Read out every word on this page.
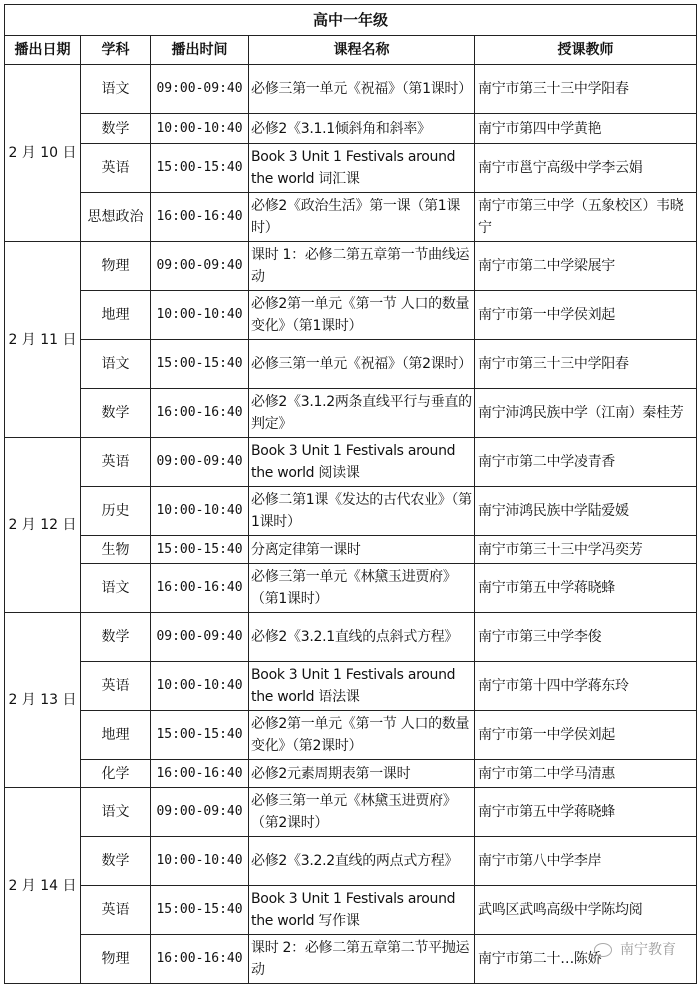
高中一年级				
播出日期	学科	播出时间	课程名称	授课教师
2 月 10 日	语文	09:00-09:40	必修三第一单元《祝福》（第1课时）	南宁市第三十三中学阳春
	数学	10:00-10:40	必修2《3.1.1倾斜角和斜率》	南宁市第四中学黄艳
	英语	15:00-15:40	Book 3 Unit 1 Festivals around the world 词汇课	南宁市邕宁高级中学李云娟
	思想政治	16:00-16:40	必修2《政治生活》第一课（第1课时）	南宁市第三中学（五象校区）韦晓宁
2 月 11 日	物理	09:00-09:40	课时 1：必修二第五章第一节曲线运动	南宁市第二中学梁展宇
	地理	10:00-10:40	必修2第一单元《第一节 人口的数量变化》（第1课时）	南宁市第一中学侯刘起
	语文	15:00-15:40	必修三第一单元《祝福》（第2课时）	南宁市第三十三中学阳春
	数学	16:00-16:40	必修2《3.1.2两条直线平行与垂直的判定》	南宁沛鸿民族中学（江南）秦桂芳
2 月 12 日	英语	09:00-09:40	Book 3 Unit 1 Festivals around the world 阅读课	南宁市第二中学凌青香
	历史	10:00-10:40	必修二第1课《发达的古代农业》（第1课时）	南宁沛鸿民族中学陆爱媛
	生物	15:00-15:40	分离定律第一课时	南宁市第三十三中学冯奕芳
	语文	16:00-16:40	必修三第一单元《林黛玉进贾府》（第1课时）	南宁市第五中学蒋晓蜂
2 月 13 日	数学	09:00-09:40	必修2《3.2.1直线的点斜式方程》	南宁市第三中学李俊
	英语	10:00-10:40	Book 3 Unit 1 Festivals around the world 语法课	南宁市第十四中学蒋东玲
	地理	15:00-15:40	必修2第一单元《第一节 人口的数量变化》（第2课时）	南宁市第一中学侯刘起
	化学	16:00-16:40	必修2元素周期表第一课时	南宁市第二中学马清惠
2 月 14 日	语文	09:00-09:40	必修三第一单元《林黛玉进贾府》（第2课时）	南宁市第五中学蒋晓蜂
	数学	10:00-10:40	必修2《3.2.2直线的两点式方程》	南宁市第八中学李岸
	英语	15:00-15:40	Book 3 Unit 1 Festivals around the world 写作课	武鸣区武鸣高级中学陈均阅
	物理	16:00-16:40	课时 2：必修二第五章第二节平抛运动	南宁市第二十…陈娇
南宁教育
